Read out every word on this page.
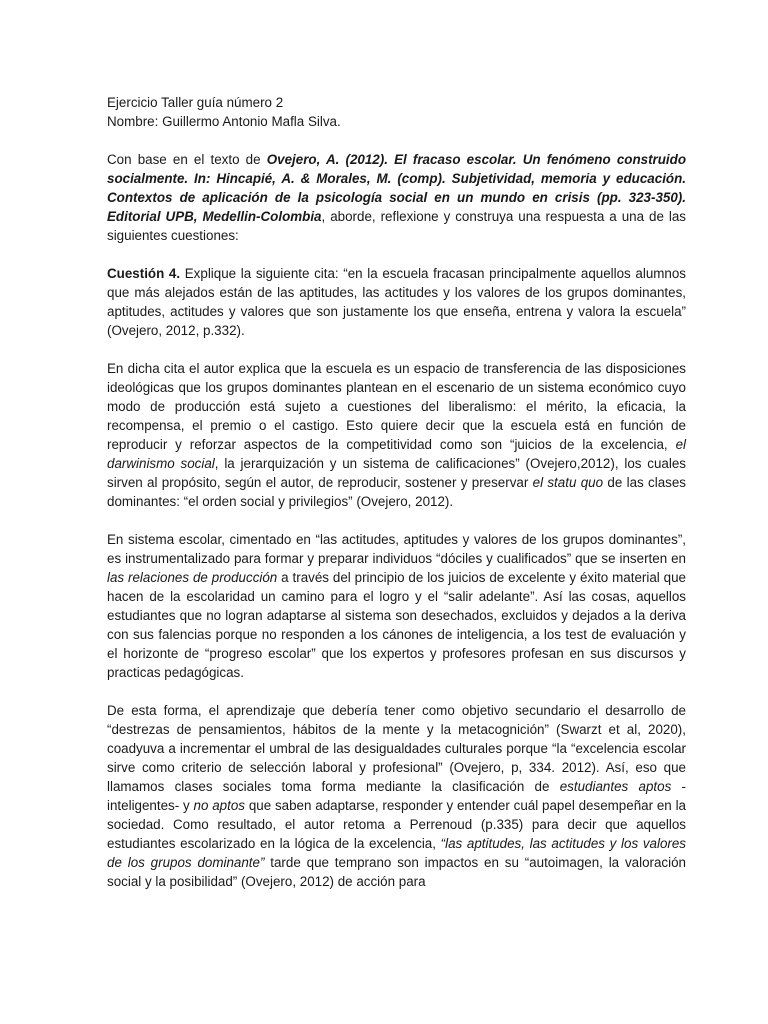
Ejercicio Taller guía número 2
Nombre: Guillermo Antonio Mafla Silva.

Con base en el texto de Ovejero, A. (2012). El fracaso escolar. Un fenómeno construido socialmente. In: Hincapié, A. & Morales, M. (comp). Subjetividad, memoria y educación. Contextos de aplicación de la psicología social en un mundo en crisis (pp. 323-350). Editorial UPB, Medellin-Colombia, aborde, reflexione y construya una respuesta a una de las siguientes cuestiones:

Cuestión 4. Explique la siguiente cita: “en la escuela fracasan principalmente aquellos alumnos que más alejados están de las aptitudes, las actitudes y los valores de los grupos dominantes, aptitudes, actitudes y valores que son justamente los que enseña, entrena y valora la escuela” (Ovejero, 2012, p.332).

En dicha cita el autor explica que la escuela es un espacio de transferencia de las disposiciones ideológicas que los grupos dominantes plantean en el escenario de un sistema económico cuyo modo de producción está sujeto a cuestiones del liberalismo: el mérito, la eficacia, la recompensa, el premio o el castigo. Esto quiere decir que la escuela está en función de reproducir y reforzar aspectos de la competitividad como son “juicios de la excelencia, el darwinismo social, la jerarquización y un sistema de calificaciones” (Ovejero,2012), los cuales sirven al propósito, según el autor, de reproducir, sostener y preservar el statu quo de las clases dominantes: “el orden social y privilegios” (Ovejero, 2012).

En sistema escolar, cimentado en “las actitudes, aptitudes y valores de los grupos dominantes”, es instrumentalizado para formar y preparar individuos “dóciles y cualificados” que se inserten en las relaciones de producción a través del principio de los juicios de excelente y éxito material que hacen de la escolaridad un camino para el logro y el “salir adelante”. Así las cosas, aquellos estudiantes que no logran adaptarse al sistema son desechados, excluidos y dejados a la deriva con sus falencias porque no responden a los cánones de inteligencia, a los test de evaluación y el horizonte de “progreso escolar” que los expertos y profesores profesan en sus discursos y practicas pedagógicas.

De esta forma, el aprendizaje que debería tener como objetivo secundario el desarrollo de “destrezas de pensamientos, hábitos de la mente y la metacognición” (Swarzt et al, 2020), coadyuva a incrementar el umbral de las desigualdades culturales porque “la “excelencia escolar sirve como criterio de selección laboral y profesional” (Ovejero, p, 334. 2012). Así, eso que llamamos clases sociales toma forma mediante la clasificación de estudiantes aptos -inteligentes- y no aptos que saben adaptarse, responder y entender cuál papel desempeñar en la sociedad. Como resultado, el autor retoma a Perrenoud (p.335) para decir que aquellos estudiantes escolarizado en la lógica de la excelencia, “las aptitudes, las actitudes y los valores de los grupos dominante” tarde que temprano son impactos en su “autoimagen, la valoración social y la posibilidad” (Ovejero, 2012) de acción para
